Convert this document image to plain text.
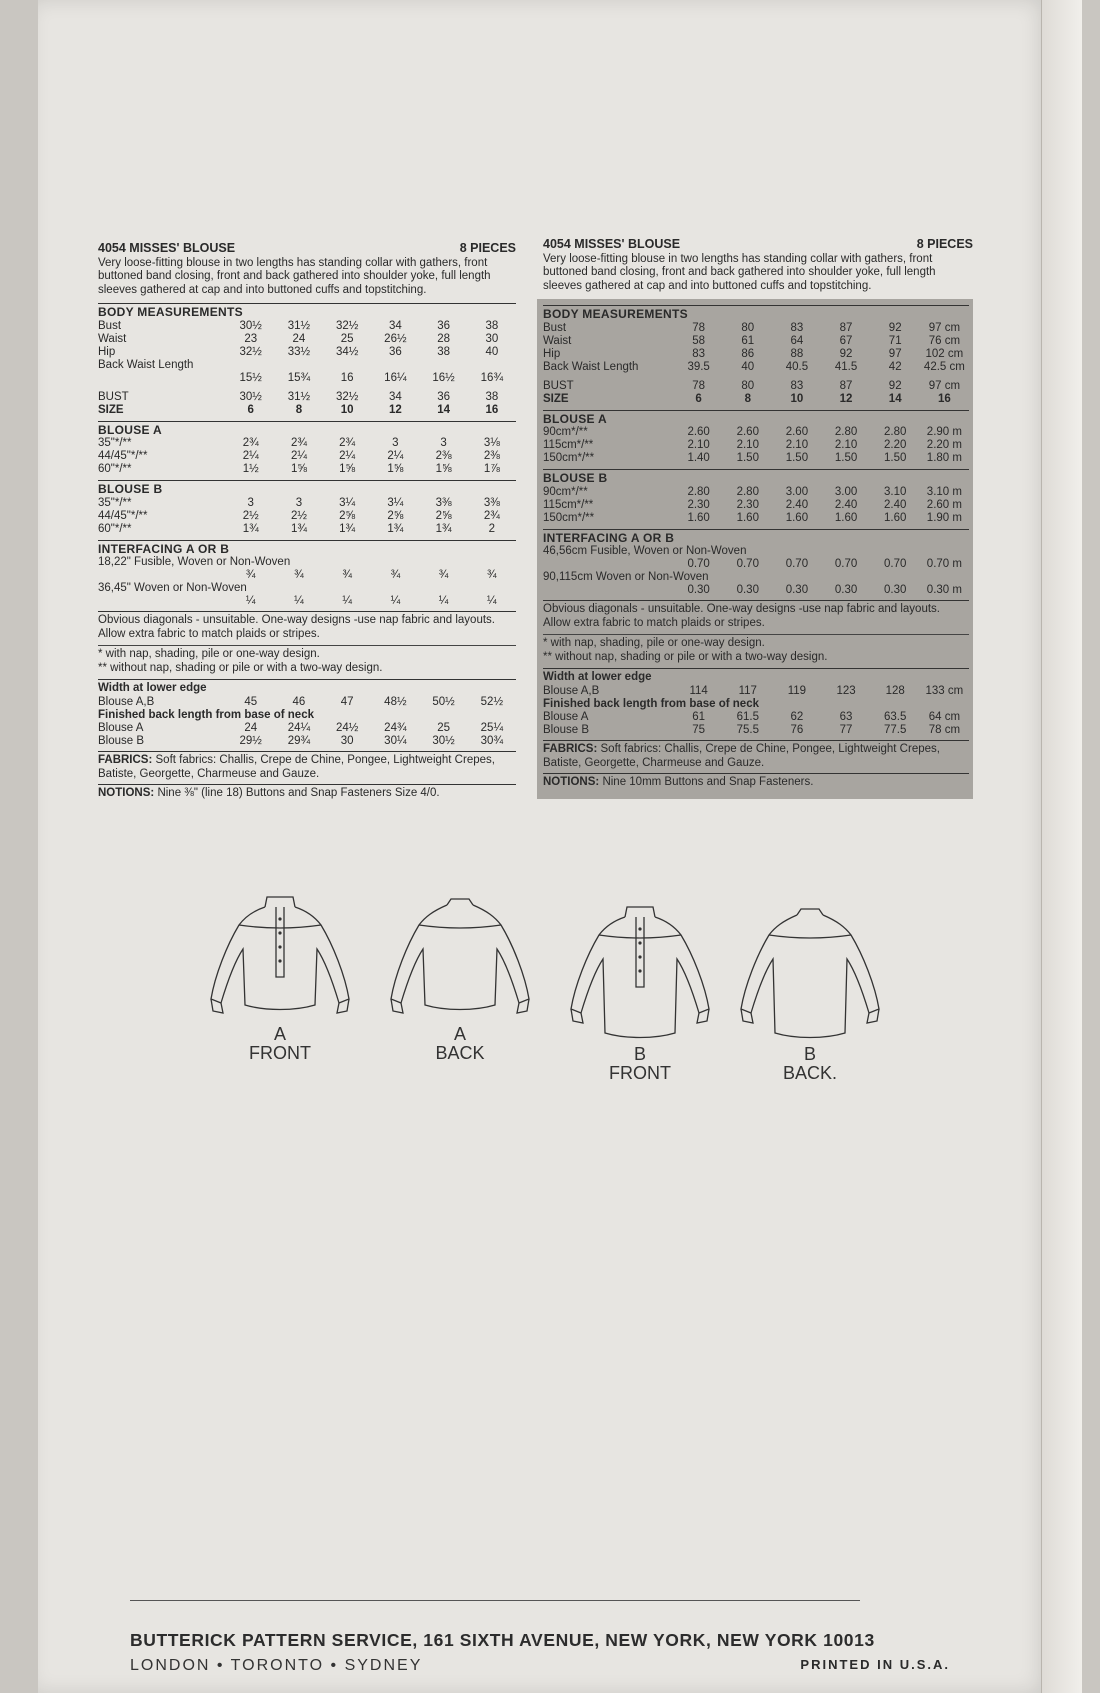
4054 MISSES' BLOUSE	8 PIECES
Very loose-fitting blouse in two lengths has standing collar with gathers, front buttoned band closing, front and back gathered into shoulder yoke, full length sleeves gathered at cap and into buttoned cuffs and topstitching.
BODY MEASUREMENTS
Bust	30½	31½	32½	34	36	38
Waist	23	24	25	26½	28	30
Hip	32½	33½	34½	36	38	40
Back Waist Length						
	15½	15¾	16	16¼	16½	16¾
BUST	30½	31½	32½	34	36	38
SIZE	6	8	10	12	14	16
BLOUSE A
35"*/**	2¾	2¾	2¾	3	3	3⅛
44/45"*/**	2¼	2¼	2¼	2¼	2⅜	2⅜
60"*/**	1½	1⅝	1⅝	1⅝	1⅝	1⅞
BLOUSE B
35"*/**	3	3	3¼	3¼	3⅜	3⅜
44/45"*/**	2½	2½	2⅝	2⅝	2⅝	2¾
60"*/**	1¾	1¾	1¾	1¾	1¾	2
INTERFACING A OR B
18,22" Fusible, Woven or Non-Woven						
	¾	¾	¾	¾	¾	¾
36,45" Woven or Non-Woven						
	¼	¼	¼	¼	¼	¼
Obvious diagonals - unsuitable. One-way designs -use nap fabric and layouts. Allow extra fabric to match plaids or stripes.
* with nap, shading, pile or one-way design.
** without nap, shading or pile or with a two-way design.
Width at lower edge
Blouse A,B	45	46	47	48½	50½	52½
Finished back length from base of neck
Blouse A	24	24¼	24½	24¾	25	25¼
Blouse B	29½	29¾	30	30¼	30½	30¾
FABRICS: Soft fabrics: Challis, Crepe de Chine, Pongee, Lightweight Crepes, Batiste, Georgette, Charmeuse and Gauze.
NOTIONS: Nine ⅜" (line 18) Buttons and Snap Fasteners Size 4/0.
4054 MISSES' BLOUSE	8 PIECES
Very loose-fitting blouse in two lengths has standing collar with gathers, front buttoned band closing, front and back gathered into shoulder yoke, full length sleeves gathered at cap and into buttoned cuffs and topstitching.
BODY MEASUREMENTS
Bust	78	80	83	87	92	97 cm
Waist	58	61	64	67	71	76 cm
Hip	83	86	88	92	97	102 cm
Back Waist Length	39.5	40	40.5	41.5	42	42.5 cm
BUST	78	80	83	87	92	97 cm
SIZE	6	8	10	12	14	16
BLOUSE A
90cm*/**	2.60	2.60	2.60	2.80	2.80	2.90 m
115cm*/**	2.10	2.10	2.10	2.10	2.20	2.20 m
150cm*/**	1.40	1.50	1.50	1.50	1.50	1.80 m
BLOUSE B
90cm*/**	2.80	2.80	3.00	3.00	3.10	3.10 m
115cm*/**	2.30	2.30	2.40	2.40	2.40	2.60 m
150cm*/**	1.60	1.60	1.60	1.60	1.60	1.90 m
INTERFACING A OR B
46,56cm Fusible, Woven or Non-Woven						
	0.70	0.70	0.70	0.70	0.70	0.70 m
90,115cm Woven or Non-Woven						
	0.30	0.30	0.30	0.30	0.30	0.30 m
Obvious diagonals - unsuitable. One-way designs -use nap fabric and layouts. Allow extra fabric to match plaids or stripes.
* with nap, shading, pile or one-way design.
** without nap, shading or pile or with a two-way design.
Width at lower edge
Blouse A,B	114	117	119	123	128	133 cm
Finished back length from base of neck
Blouse A	61	61.5	62	63	63.5	64 cm
Blouse B	75	75.5	76	77	77.5	78 cm
FABRICS: Soft fabrics: Challis, Crepe de Chine, Pongee, Lightweight Crepes, Batiste, Georgette, Charmeuse and Gauze.
NOTIONS: Nine 10mm Buttons and Snap Fasteners.
A
FRONT
A
BACK	B
FRONT
B
BACK.
BUTTERICK PATTERN SERVICE, 161 SIXTH AVENUE, NEW YORK, NEW YORK 10013
LONDON • TORONTO • SYDNEY	PRINTED IN U.S.A.
